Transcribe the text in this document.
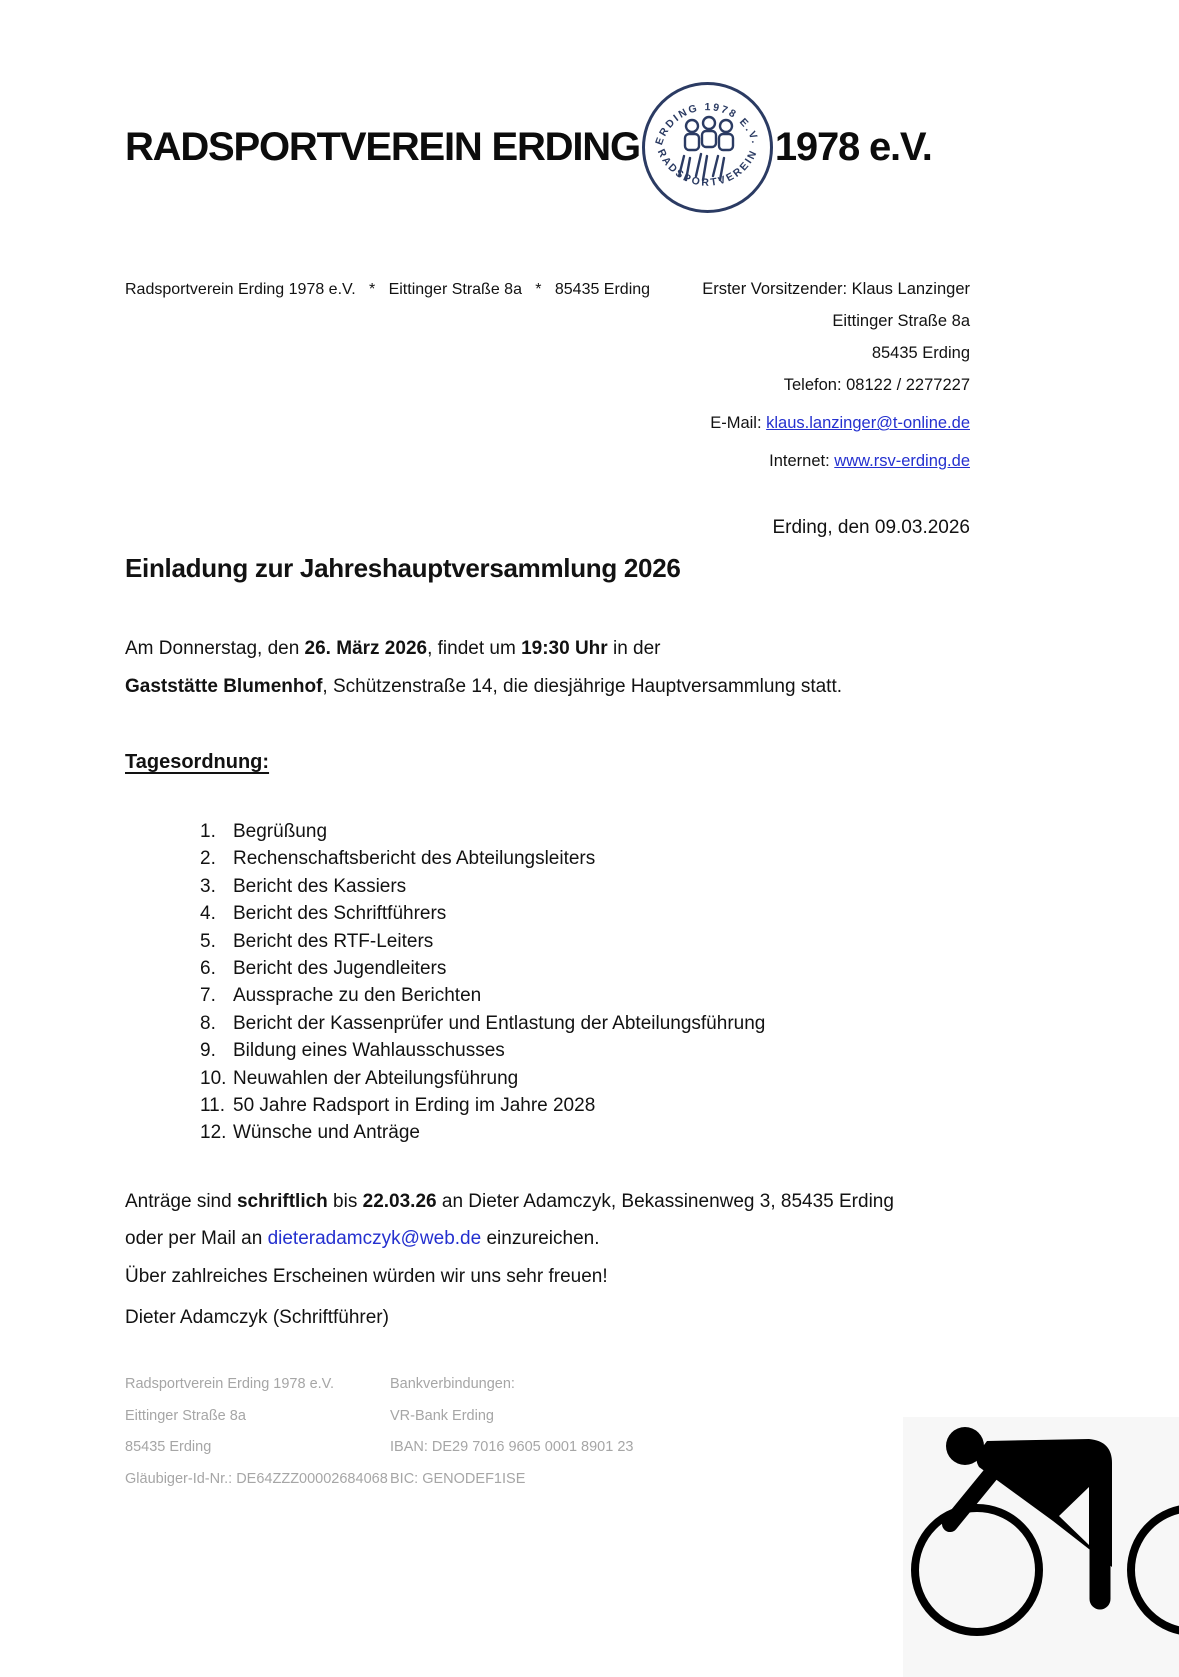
RADSPORTVEREIN ERDING ERDING 1978 E.V.
RADSPORTVEREIN 1978 e.V.
Radsportverein Erding 1978 e.V.   *   Eittinger Straße 8a   *   85435 Erding	Erster Vorsitzender: Klaus Lanzinger

Eittinger Straße 8a

85435 Erding

Telefon: 08122 / 2277227

E-Mail: klaus.lanzinger@t-online.de

Internet: www.rsv-erding.de

Erding, den 09.03.2026
Einladung zur Jahreshauptversammlung 2026

Am Donnerstag, den 26. März 2026, findet um 19:30 Uhr in der

Gaststätte Blumenhof, Schützenstraße 14, die diesjährige Hauptversammlung statt.

Tagesordnung:
1. Begrüßung
2. Rechenschaftsbericht des Abteilungsleiters
3. Bericht des Kassiers
4. Bericht des Schriftführers
5. Bericht des RTF-Leiters
6. Bericht des Jugendleiters
7. Aussprache zu den Berichten
8. Bericht der Kassenprüfer und Entlastung der Abteilungsführung
9. Bildung eines Wahlausschusses
10. Neuwahlen der Abteilungsführung
11. 50 Jahre Radsport in Erding im Jahre 2028
12. Wünsche und Anträge

Anträge sind schriftlich bis 22.03.26 an Dieter Adamczyk, Bekassinenweg 3, 85435 Erding

oder per Mail an dieteradamczyk@web.de einzureichen.

Über zahlreiches Erscheinen würden wir uns sehr freuen!
Dieter Adamczyk (Schriftführer)

Radsportverein Erding 1978 e.V.

Eittinger Straße 8a

85435 Erding

Gläubiger-Id-Nr.: DE64ZZZ00002684068

Bankverbindungen:

VR-Bank Erding

IBAN: DE29 7016 9605 0001 8901 23

BIC: GENODEF1ISE
